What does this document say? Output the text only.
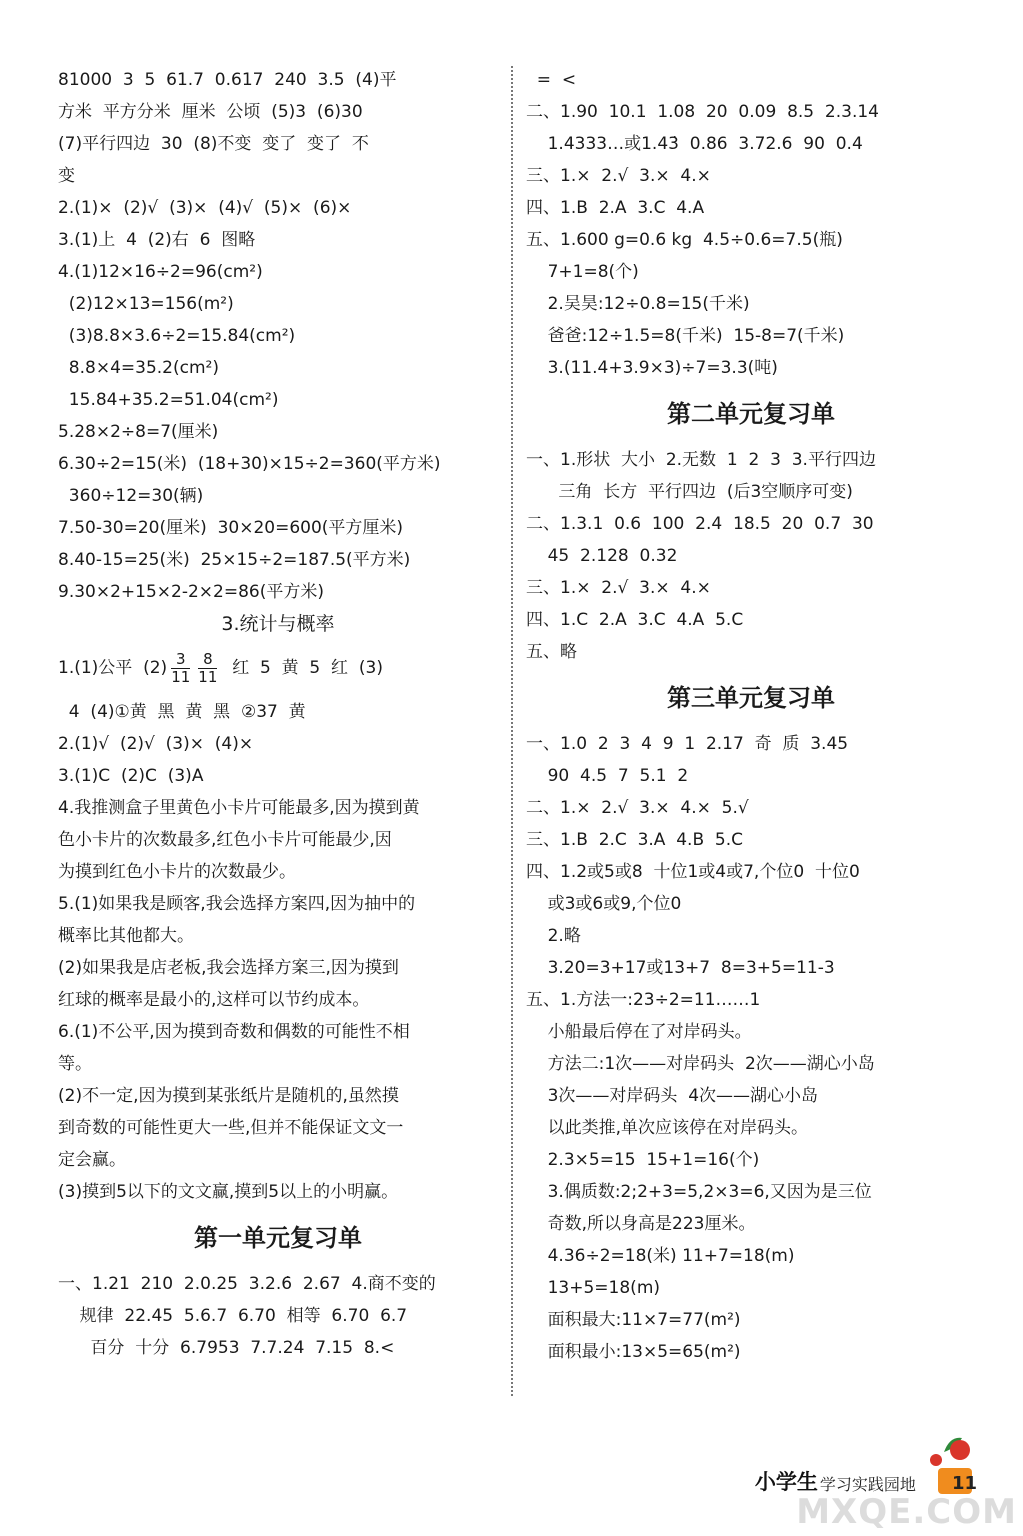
81000  3  5  61.7  0.617  240  3.5  (4)平
方米  平方分米  厘米  公顷  (5)3  (6)30
(7)平行四边  30  (8)不变  变了  变了  不
变
2.(1)×  (2)√  (3)×  (4)√  (5)×  (6)×
3.(1)上  4  (2)右  6  图略
4.(1)12×16÷2=96(cm²)
(2)12×13=156(m²)
(3)8.8×3.6÷2=15.84(cm²)
8.8×4=35.2(cm²)
15.84+35.2=51.04(cm²)
5.28×2÷8=7(厘米)
6.30÷2=15(米)  (18+30)×15÷2=360(平方米)
360÷12=30(辆)
7.50-30=20(厘米)  30×20=600(平方厘米)
8.40-15=25(米)  25×15÷2=187.5(平方米)
9.30×2+15×2-2×2=86(平方米)
3.统计与概率
1.(1)公平  $(2) \frac{3}{11} \frac{8}{11}$ 红  5  黄  5  红  (3)
4  (4)①黄  黑  黄  黑  ②37  黄
2.(1)√  (2)√  (3)×  (4)×
3.(1)C  (2)C  (3)A
4.我推测盒子里黄色小卡片可能最多,因为摸到黄
色小卡片的次数最多,红色小卡片可能最少,因
为摸到红色小卡片的次数最少。
5.(1)如果我是顾客,我会选择方案四,因为抽中的
概率比其他都大。
(2)如果我是店老板,我会选择方案三,因为摸到
红球的概率是最小的,这样可以节约成本。
6.(1)不公平,因为摸到奇数和偶数的可能性不相
等。
(2)不一定,因为摸到某张纸片是随机的,虽然摸
到奇数的可能性更大一些,但并不能保证文文一
定会赢。
(3)摸到5以下的文文赢,摸到5以上的小明赢。
第一单元复习单
一、1.21  210  2.0.25  3.2.6̇  2.67  4.商不变的
规律  22.45  5.6.7  6.70  相等  6.70  6.7
百分  十分  6.7953  7.7.24  7.15  8.<
=  <
二、1.90  10.1  1.08  20  0.09  8.5  2.3.14
1.4333…或1.43̇  0.86  3.72.6  90  0.4
三、1.×  2.√  3.×  4.×
四、1.B  2.A  3.C  4.A
五、1.600 g=0.6 kg  4.5÷0.6=7.5(瓶)
7+1=8(个)
2.吴昊:12÷0.8=15(千米)
爸爸:12÷1.5=8(千米)  15-8=7(千米)
3.(11.4+3.9×3)÷7=3.3(吨)
第二单元复习单
一、1.形状  大小  2.无数  1  2  3  3.平行四边
三角  长方  平行四边  (后3空顺序可变)
二、1.3.1  0.6  100  2.4  18.5  20  0.7  30
45  2.128  0.32
三、1.×  2.√  3.×  4.×
四、1.C  2.A  3.C  4.A  5.C
五、略
第三单元复习单
一、1.0  2  3  4  9  1  2.17  奇  质  3.45
90  4.5  7  5.1  2
二、1.×  2.√  3.×  4.×  5.√
三、1.B  2.C  3.A  4.B  5.C
四、1.2或5或8  十位1或4或7,个位0  十位0
或3或6或9,个位0
2.略
3.20=3+17或13+7  8=3+5=11-3
五、1.方法一:23÷2=11……1
小船最后停在了对岸码头。
方法二:1次——对岸码头  2次——湖心小岛
3次——对岸码头  4次——湖心小岛
以此类推,单次应该停在对岸码头。
2.3×5=15  15+1=16(个)
3.偶质数:2;2+3=5,2×3=6,又因为是三位
奇数,所以身高是223厘米。
4.36÷2=18(米) 11+7=18(m)
13+5=18(m)
面积最大:11×7=77(m²)
面积最小:13×5=65(m²)
小学生 学习实践园地 11
MXQE.COM
